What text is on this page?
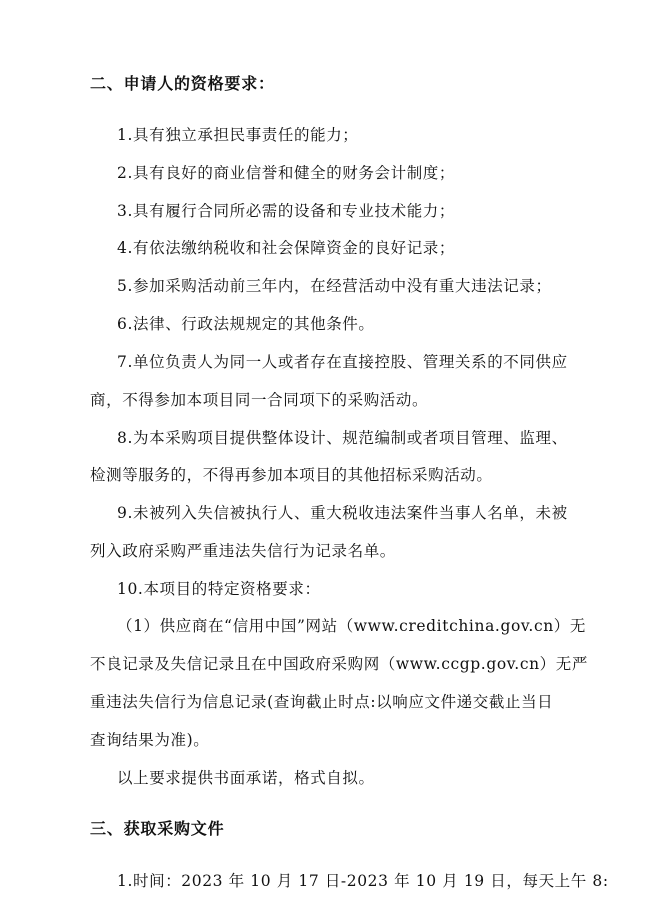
二、申请人的资格要求：
1.具有独立承担民事责任的能力；
2.具有良好的商业信誉和健全的财务会计制度；
3.具有履行合同所必需的设备和专业技术能力；
4.有依法缴纳税收和社会保障资金的良好记录；
5.参加采购活动前三年内，在经营活动中没有重大违法记录；
6.法律、行政法规规定的其他条件。
7.单位负责人为同一人或者存在直接控股、管理关系的不同供应
商，不得参加本项目同一合同项下的采购活动。
8.为本采购项目提供整体设计、规范编制或者项目管理、监理、
检测等服务的，不得再参加本项目的其他招标采购活动。
9.未被列入失信被执行人、重大税收违法案件当事人名单，未被
列入政府采购严重违法失信行为记录名单。
10.本项目的特定资格要求：
（1）供应商在“信用中国”网站（www.creditchina.gov.cn）无
不良记录及失信记录且在中国政府采购网（www.ccgp.gov.cn）无严
重违法失信行为信息记录(查询截止时点:以响应文件递交截止当日
查询结果为准)。
以上要求提供书面承诺，格式自拟。
三、获取采购文件
1.时间：2023 年 10 月 17 日-2023 年 10 月 19 日，每天上午 8:
